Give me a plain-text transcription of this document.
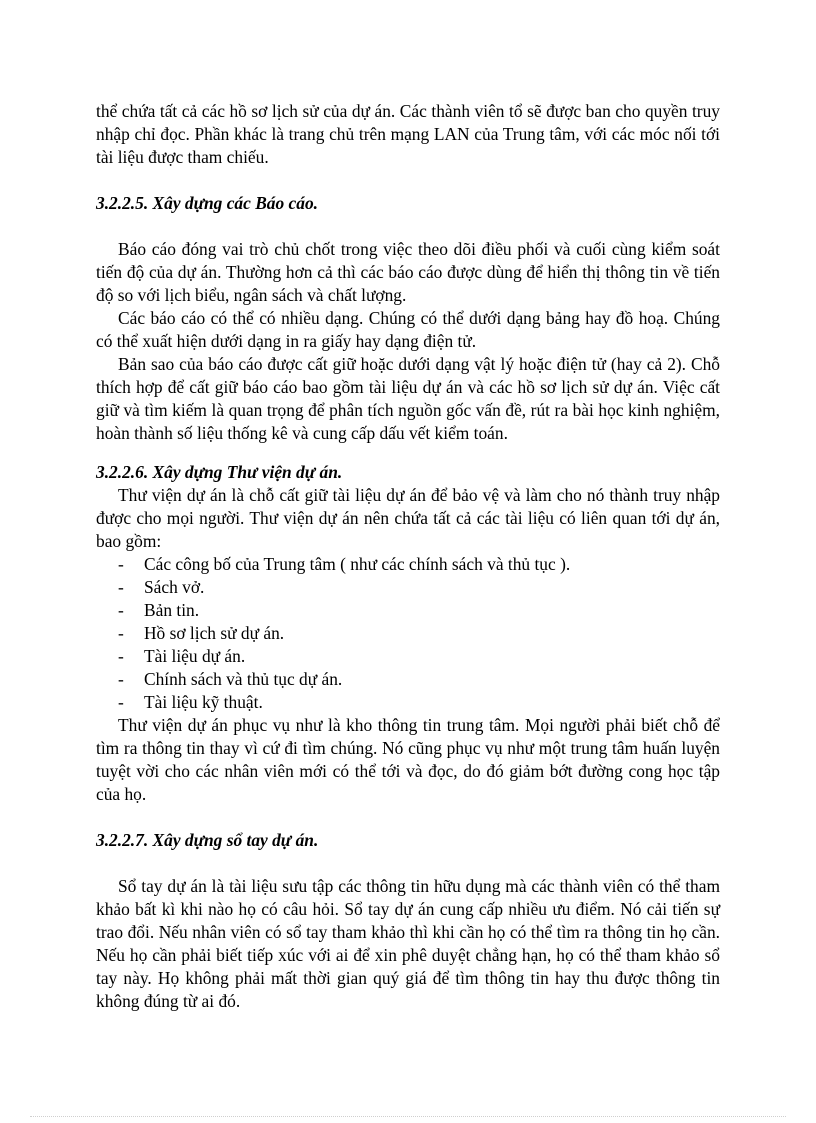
thể chứa tất cả các hồ sơ lịch sử của dự án. Các thành viên tổ sẽ được ban cho quyền truy nhập chỉ đọc. Phần khác là trang chủ trên mạng LAN của Trung tâm, với các móc nối tới tài liệu được tham chiếu.

3.2.2.5. Xây dựng các Báo cáo.

Báo cáo đóng vai trò chủ chốt trong việc theo dõi điều phối và cuối cùng kiểm soát tiến độ của dự án. Thường hơn cả thì các báo cáo được dùng để hiển thị thông tin về tiến độ so với lịch biểu, ngân sách và chất lượng.

Các báo cáo có thể có nhiều dạng. Chúng có thể dưới dạng bảng hay đồ hoạ. Chúng có thể xuất hiện dưới dạng in ra giấy hay dạng điện tử.

Bản sao của báo cáo được cất giữ hoặc dưới dạng vật lý hoặc điện tử (hay cả 2). Chỗ thích hợp để cất giữ báo cáo bao gồm tài liệu dự án và các hồ sơ lịch sử dự án. Việc cất giữ và tìm kiếm là quan trọng để phân tích nguồn gốc vấn đề, rút ra bài học kinh nghiệm, hoàn thành số liệu thống kê và cung cấp dấu vết kiểm toán.

3.2.2.6. Xây dựng Thư viện dự án.

Thư viện dự án là chỗ cất giữ tài liệu dự án để bảo vệ và làm cho nó thành truy nhập được cho mọi người. Thư viện dự án nên chứa tất cả các tài liệu có liên quan tới dự án, bao gồm:

- Các công bố của Trung tâm ( như các chính sách và thủ tục ).
- Sách vở.
- Bản tin.
- Hồ sơ lịch sử dự án.
- Tài liệu dự án.
- Chính sách và thủ tục dự án.
- Tài liệu kỹ thuật.

Thư viện dự án phục vụ như là kho thông tin trung tâm. Mọi người phải biết chỗ để tìm ra thông tin thay vì cứ đi tìm chúng. Nó cũng phục vụ như một trung tâm huấn luyện tuyệt vời cho các nhân viên mới có thể tới và đọc, do đó giảm bớt đường cong học tập của họ.

3.2.2.7. Xây dựng sổ tay dự án.

Sổ tay dự án là tài liệu sưu tập các thông tin hữu dụng mà các thành viên có thể tham khảo bất kì khi nào họ có câu hỏi. Sổ tay dự án cung cấp nhiều ưu điểm. Nó cải tiến sự trao đổi. Nếu nhân viên có sổ tay tham khảo thì khi cần họ có thể tìm ra thông tin họ cần. Nếu họ cần phải biết tiếp xúc với ai để xin phê duyệt chẳng hạn, họ có thể tham khảo sổ tay này. Họ không phải mất thời gian quý giá để tìm thông tin hay thu được thông tin không đúng từ ai đó.
